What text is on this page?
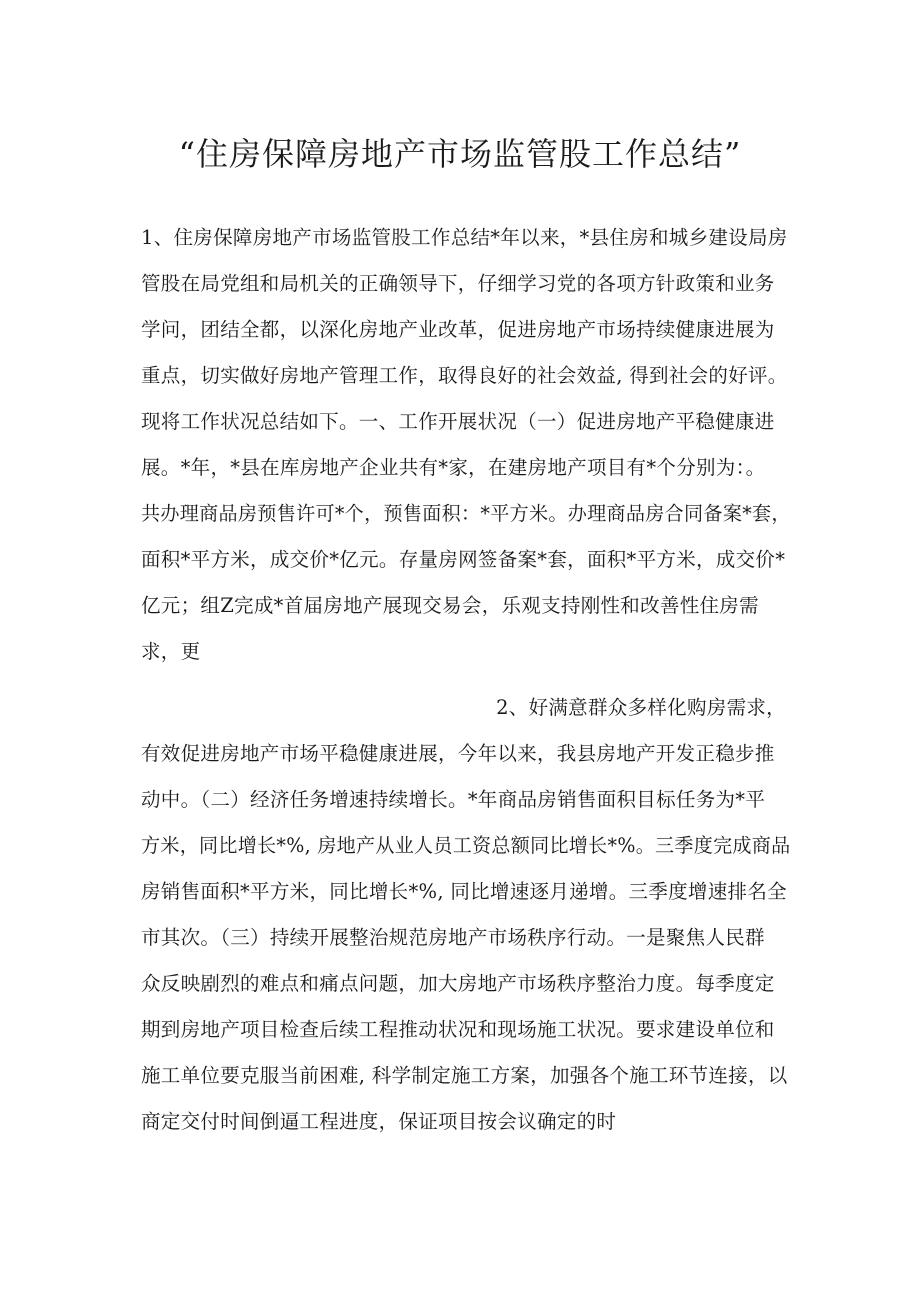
“住房保障房地产市场监管股工作总结”
1、住房保障房地产市场监管股工作总结*年以来，*县住房和城乡建设局房
管股在局党组和局机关的正确领导下，仔细学习党的各项方针政策和业务
学问，团结全都，以深化房地产业改革，促进房地产市场持续健康进展为
重点，切实做好房地产管理工作，取得良好的社会效益, 得到社会的好评。
现将工作状况总结如下。一、工作开展状况（一）促进房地产平稳健康进
展。*年，*县在库房地产企业共有*家，在建房地产项目有*个分别为：。
共办理商品房预售许可*个，预售面积：*平方米。办理商品房合同备案*套，
面积*平方米，成交价*亿元。存量房网签备案*套，面积*平方米，成交价*
亿元；组Z完成*首届房地产展现交易会，乐观支持刚性和改善性住房需
求，更
2、好满意群众多样化购房需求，
有效促进房地产市场平稳健康进展，今年以来，我县房地产开发正稳步推
动中。（二）经济任务增速持续增长。*年商品房销售面积目标任务为*平
方米，同比增长*%, 房地产从业人员工资总额同比增长*%。三季度完成商品
房销售面积*平方米，同比增长*%, 同比增速逐月递增。三季度增速排名全
市其次。（三）持续开展整治规范房地产市场秩序行动。一是聚焦人民群
众反映剧烈的难点和痛点问题，加大房地产市场秩序整治力度。每季度定
期到房地产项目检查后续工程推动状况和现场施工状况。要求建设单位和
施工单位要克服当前困难, 科学制定施工方案，加强各个施工环节连接，以
商定交付时间倒逼工程进度，保证项目按会议确定的时
